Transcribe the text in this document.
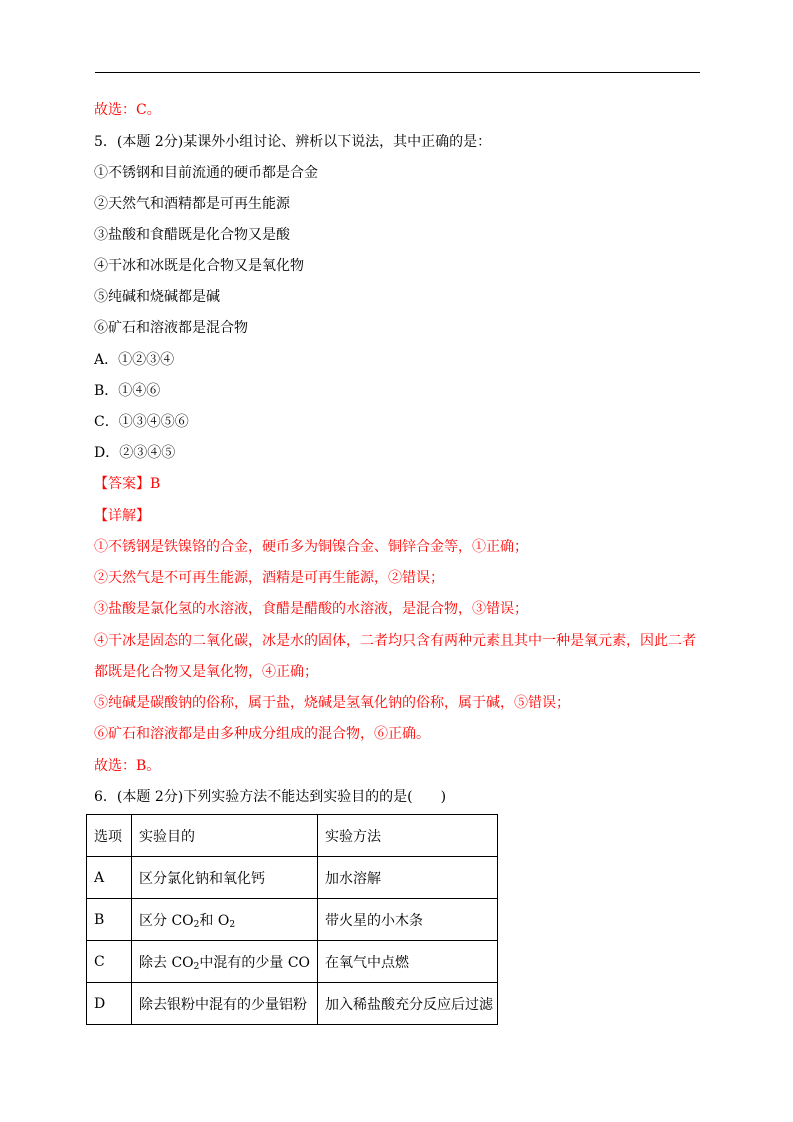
故选：C。
5．(本题 2分)某课外小组讨论、辨析以下说法，其中正确的是：
①不锈钢和目前流通的硬币都是合金
②天然气和酒精都是可再生能源
③盐酸和食醋既是化合物又是酸
④干冰和冰既是化合物又是氧化物
⑤纯碱和烧碱都是碱
⑥矿石和溶液都是混合物
A．①②③④
B．①④⑥
C．①③④⑤⑥
D．②③④⑤
【答案】B
【详解】
①不锈钢是铁镍铬的合金，硬币多为铜镍合金、铜锌合金等，①正确；
②天然气是不可再生能源，酒精是可再生能源，②错误；
③盐酸是氯化氢的水溶液，食醋是醋酸的水溶液，是混合物，③错误；
④干冰是固态的二氧化碳，冰是水的固体，二者均只含有两种元素且其中一种是氧元素，因此二者
都既是化合物又是氧化物，④正确；
⑤纯碱是碳酸钠的俗称，属于盐，烧碱是氢氧化钠的俗称，属于碱，⑤错误；
⑥矿石和溶液都是由多种成分组成的混合物，⑥正确。
故选：B。
6．(本题 2分)下列实验方法不能达到实验目的的是(　　)
选项	实验目的	实验方法
A	区分氯化钠和氧化钙	加水溶解
B	区分 $CO_2$和 $O_2$	带火星的小木条
C	除去 $CO_2$中混有的少量 CO	在氧气中点燃
D	除去银粉中混有的少量铝粉	加入稀盐酸充分反应后过滤
